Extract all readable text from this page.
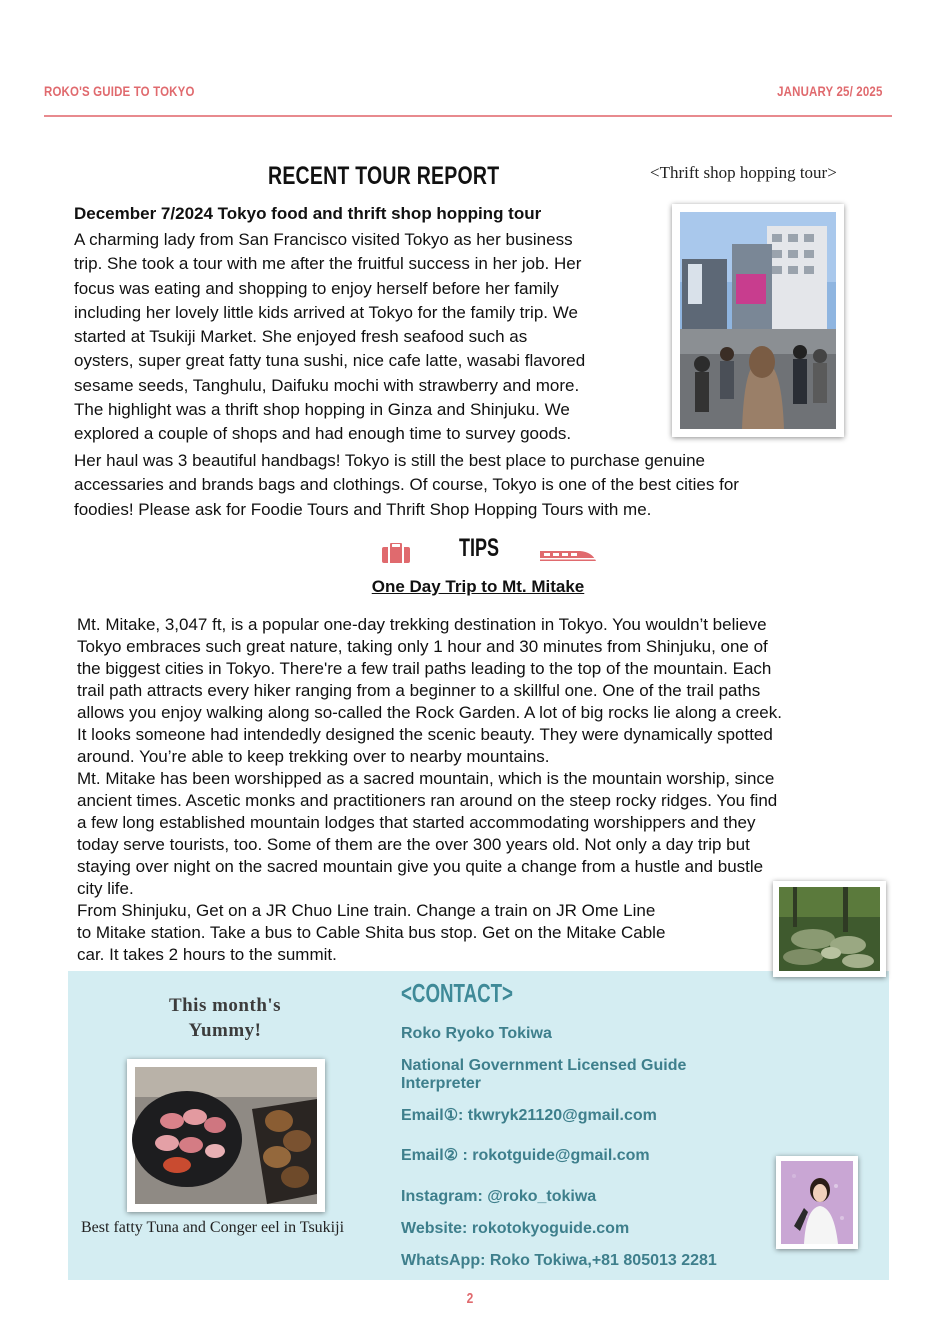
ROKO'S GUIDE TO TOKYO	JANUARY 25/ 2025
RECENT TOUR REPORT	<Thrift shop hopping tour>
December 7/2024 Tokyo food and thrift shop hopping tour
A charming lady from San Francisco visited Tokyo as her business
trip. She took a tour with me after the fruitful success in her job. Her
focus was eating and shopping to enjoy herself before her family
including her lovely little kids arrived at Tokyo for the family trip. We
started at Tsukiji Market. She enjoyed fresh seafood such as
oysters, super great fatty tuna sushi, nice cafe latte, wasabi flavored
sesame seeds, Tanghulu, Daifuku mochi with strawberry and more.
The highlight was a thrift shop hopping in Ginza and Shinjuku. We
explored a couple of shops and had enough time to survey goods.
Her haul was 3 beautiful handbags! Tokyo is still the best place to purchase genuine
accessaries and brands bags and clothings. Of course, Tokyo is one of the best cities for
foodies! Please ask for Foodie Tours and Thrift Shop Hopping Tours with me.
TIPS
One Day Trip to Mt. Mitake
Mt. Mitake, 3,047 ft, is a popular one-day trekking destination in Tokyo. You wouldn’t believe
Tokyo embraces such great nature, taking only 1 hour and 30 minutes from Shinjuku, one of
the biggest cities in Tokyo. There're a few trail paths leading to the top of the mountain. Each
trail path attracts every hiker ranging from a beginner to a skillful one. One of the trail paths
allows you enjoy walking along so-called the Rock Garden. A lot of big rocks lie along a creek.
It looks someone had intendedly designed the scenic beauty. They were dynamically spotted
around. You’re able to keep trekking over to nearby mountains.
Mt. Mitake has been worshipped as a sacred mountain, which is the mountain worship, since
ancient times. Ascetic monks and practitioners ran around on the steep rocky ridges. You find
a few long established mountain lodges that started accommodating worshippers and they
today serve tourists, too. Some of them are the over 300 years old. Not only a day trip but
staying over night on the sacred mountain give you quite a change from a hustle and bustle
city life.
From Shinjuku, Get on a JR Chuo Line train. Change a train on JR Ome Line
to Mitake station. Take a bus to Cable Shita bus stop. Get on the Mitake Cable
car. It takes 2 hours to the summit.
This month's
Yummy!
Best fatty Tuna and Conger eel in Tsukiji
<CONTACT>
Roko Ryoko Tokiwa
National Government Licensed Guide Interpreter
Email①: tkwryk21120@gmail.com
Email② : rokotguide@gmail.com
Instagram: @roko_tokiwa
Website: rokotokyoguide.com
WhatsApp: Roko Tokiwa,+81 805013 2281
2
